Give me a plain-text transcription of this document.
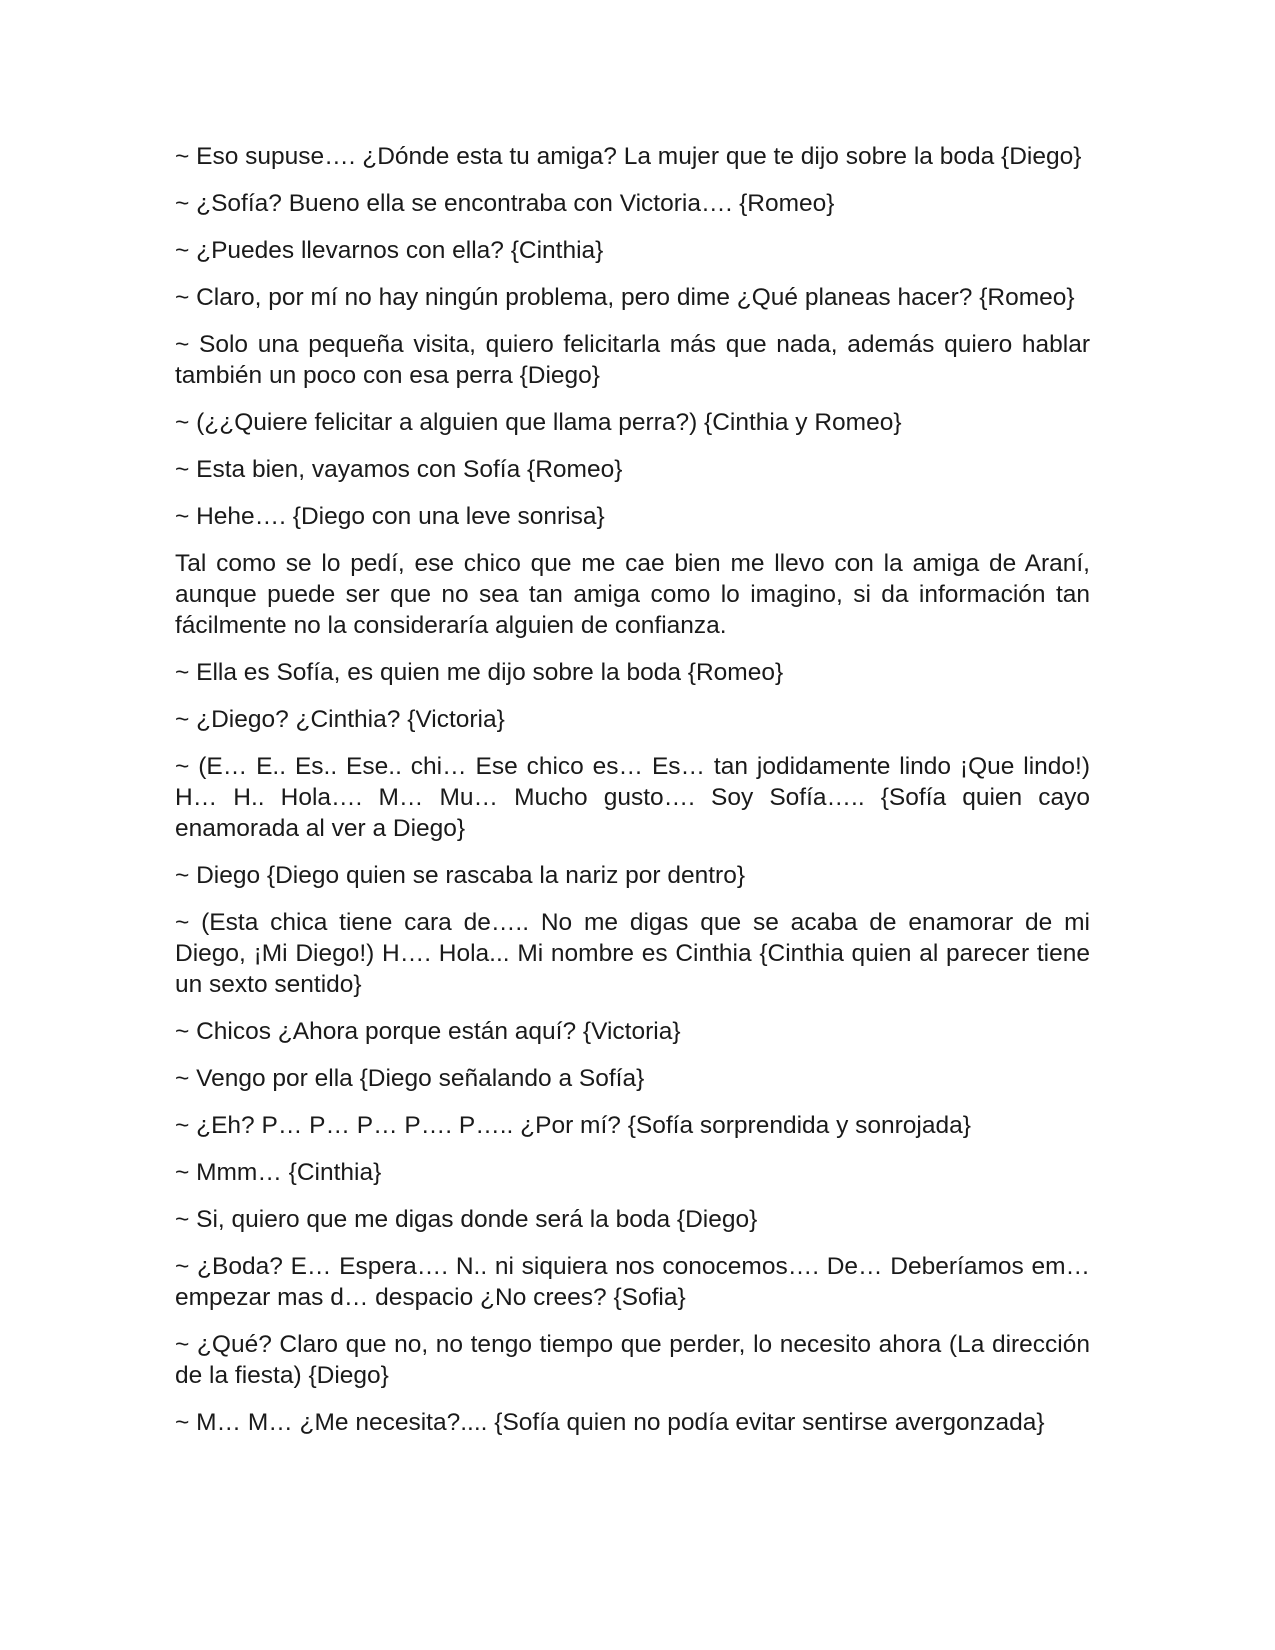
~ Eso supuse…. ¿Dónde esta tu amiga? La mujer que te dijo sobre la boda {Diego}

~ ¿Sofía? Bueno ella se encontraba con Victoria…. {Romeo}

~ ¿Puedes llevarnos con ella? {Cinthia}

~ Claro, por mí no hay ningún problema, pero dime ¿Qué planeas hacer? {Romeo}

~ Solo una pequeña visita, quiero felicitarla más que nada, además quiero hablar también un poco con esa perra {Diego}

~ (¿¿Quiere felicitar a alguien que llama perra?) {Cinthia y Romeo}

~ Esta bien, vayamos con Sofía {Romeo}

~ Hehe…. {Diego con una leve sonrisa}

Tal como se lo pedí, ese chico que me cae bien me llevo con la amiga de Araní, aunque puede ser que no sea tan amiga como lo imagino, si da información tan fácilmente no la consideraría alguien de confianza.

~ Ella es Sofía, es quien me dijo sobre la boda {Romeo}

~ ¿Diego? ¿Cinthia? {Victoria}

~ (E… E.. Es.. Ese.. chi… Ese chico es… Es… tan jodidamente lindo ¡Que lindo!) H… H.. Hola…. M… Mu… Mucho gusto…. Soy Sofía….. {Sofía quien cayo enamorada al ver a Diego}

~ Diego {Diego quien se rascaba la nariz por dentro}

~ (Esta chica tiene cara de….. No me digas que se acaba de enamorar de mi Diego, ¡Mi Diego!) H…. Hola... Mi nombre es Cinthia {Cinthia quien al parecer tiene un sexto sentido}

~ Chicos ¿Ahora porque están aquí? {Victoria}

~ Vengo por ella {Diego señalando a Sofía}

~ ¿Eh? P… P… P… P…. P….. ¿Por mí? {Sofía sorprendida y sonrojada}

~ Mmm… {Cinthia}

~ Si, quiero que me digas donde será la boda {Diego}

~ ¿Boda? E… Espera…. N.. ni siquiera nos conocemos…. De… Deberíamos em… empezar mas d… despacio ¿No crees? {Sofia}

~ ¿Qué? Claro que no, no tengo tiempo que perder, lo necesito ahora (La dirección de la fiesta) {Diego}

~ M… M… ¿Me necesita?.... {Sofía quien no podía evitar sentirse avergonzada}
